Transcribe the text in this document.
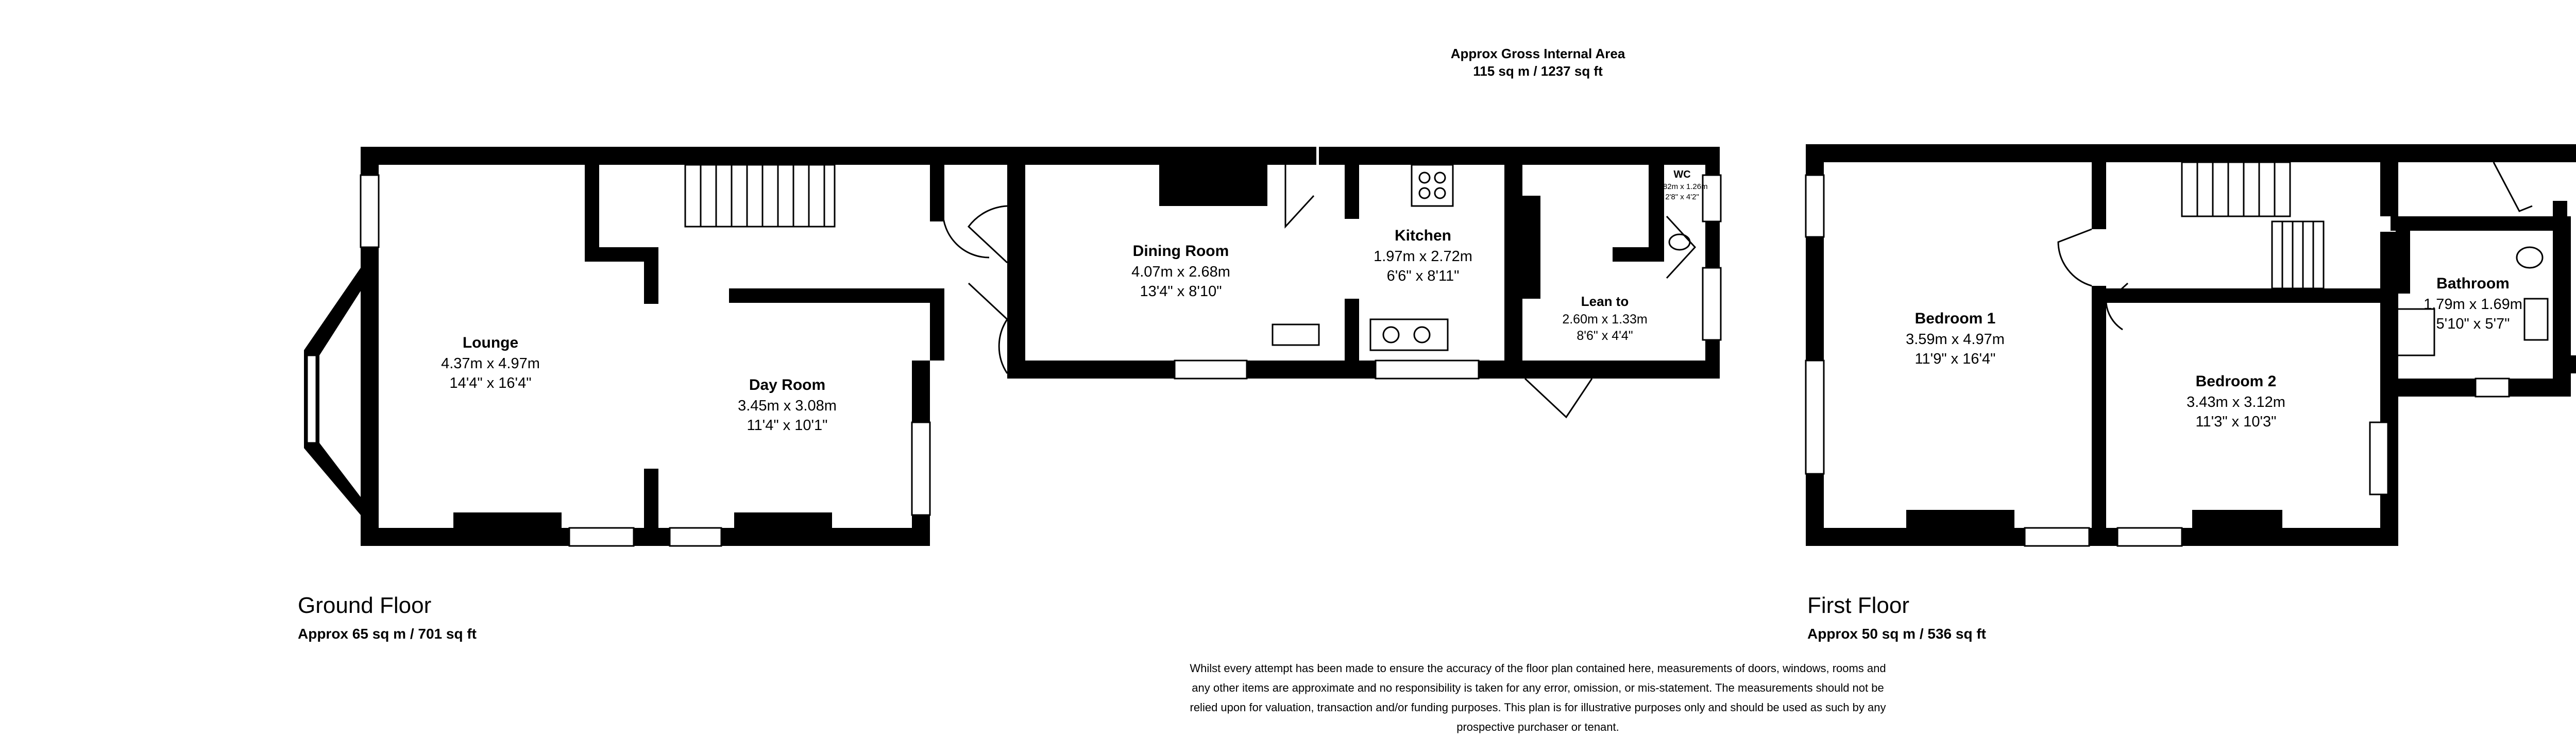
Approx Gross Internal Area
115 sq m / 1237 sq ft
Lounge
4.37m x 4.97m
14'4" x 16'4"	Day Room
3.45m x 3.08m
11'4" x 10'1"
Dining Room
4.07m x 2.68m
13'4" x 8'10"
Kitchen
1.97m x 2.72m
6'6" x 8'11"
Lean to
2.60m x 1.33m
8'6" x 4'4"
WC
0.82m x 1.26m
2'8" x 4'2"
Bedroom 1
3.59m x 4.97m
11'9" x 16'4"
Bedroom 2
3.43m x 3.12m
11'3" x 10'3"
Bathroom
1.79m x 1.69m
5'10" x 5'7"
Ground Floor
Approx 65 sq m / 701 sq ft
First Floor
Approx 50 sq m / 536 sq ft
Whilst every attempt has been made to ensure the accuracy of the floor plan contained here, measurements of doors, windows, rooms and
any other items are approximate and no responsibility is taken for any error, omission, or mis-statement. The measurements should not be
relied upon for valuation, transaction and/or funding purposes. This plan is for illustrative purposes only and should be used as such by any
prospective purchaser or tenant.
